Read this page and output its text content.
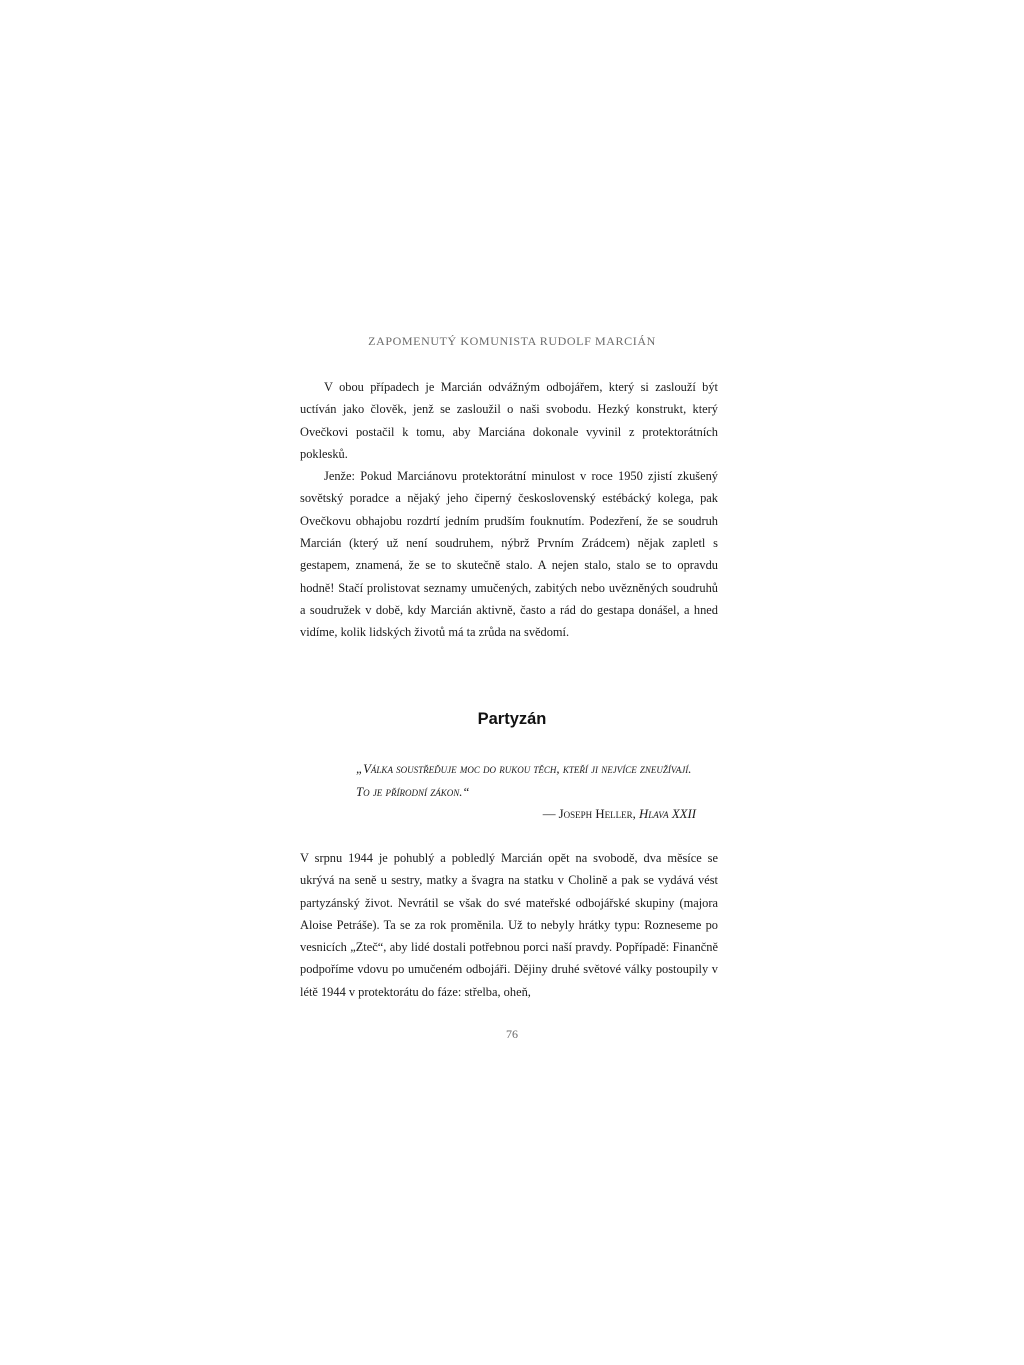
ZAPOMENUTÝ KOMUNISTA RUDOLF MARCIÁN

V obou případech je Marcián odvážným odbojářem, který si zaslouží být uctíván jako člověk, jenž se zasloužil o naši svobodu. Hezký konstrukt, který Ovečkovi postačil k tomu, aby Marciána dokonale vyvinil z protektorátních poklesků.

Jenže: Pokud Marciánovu protektorátní minulost v roce 1950 zjistí zkušený sovětský poradce a nějaký jeho čiperný československý estébácký kolega, pak Ovečkovu obhajobu rozdrtí jedním prudším fouknutím. Podezření, že se soudruh Marcián (který už není soudruhem, nýbrž Prvním Zrádcem) nějak zapletl s gestapem, znamená, že se to skutečně stalo. A nejen stalo, stalo se to opravdu hodně! Stačí prolistovat seznamy umučených, zabitých nebo uvězněných soudruhů a soudružek v době, kdy Marcián aktivně, často a rád do gestapa donášel, a hned vidíme, kolik lidských životů má ta zrůda na svědomí.

Partyzán

„Válka soustřeďuje moc do rukou těch, kteří ji nejvíce zneužívají. To je přírodní zákon.“

— Joseph Heller, Hlava XXII

V srpnu 1944 je pohublý a pobledlý Marcián opět na svobodě, dva měsíce se ukrývá na seně u sestry, matky a švagra na statku v Cholině a pak se vydává vést partyzánský život. Nevrátil se však do své mateřské odbojářské skupiny (majora Aloise Petráše). Ta se za rok proměnila. Už to nebyly hrátky typu: Rozneseme po vesnicích „Zteč“, aby lidé dostali potřebnou porci naší pravdy. Popřípadě: Finančně podpoříme vdovu po umučeném odbojáři. Dějiny druhé světové války postoupily v létě 1944 v protektorátu do fáze: střelba, oheň,

76
